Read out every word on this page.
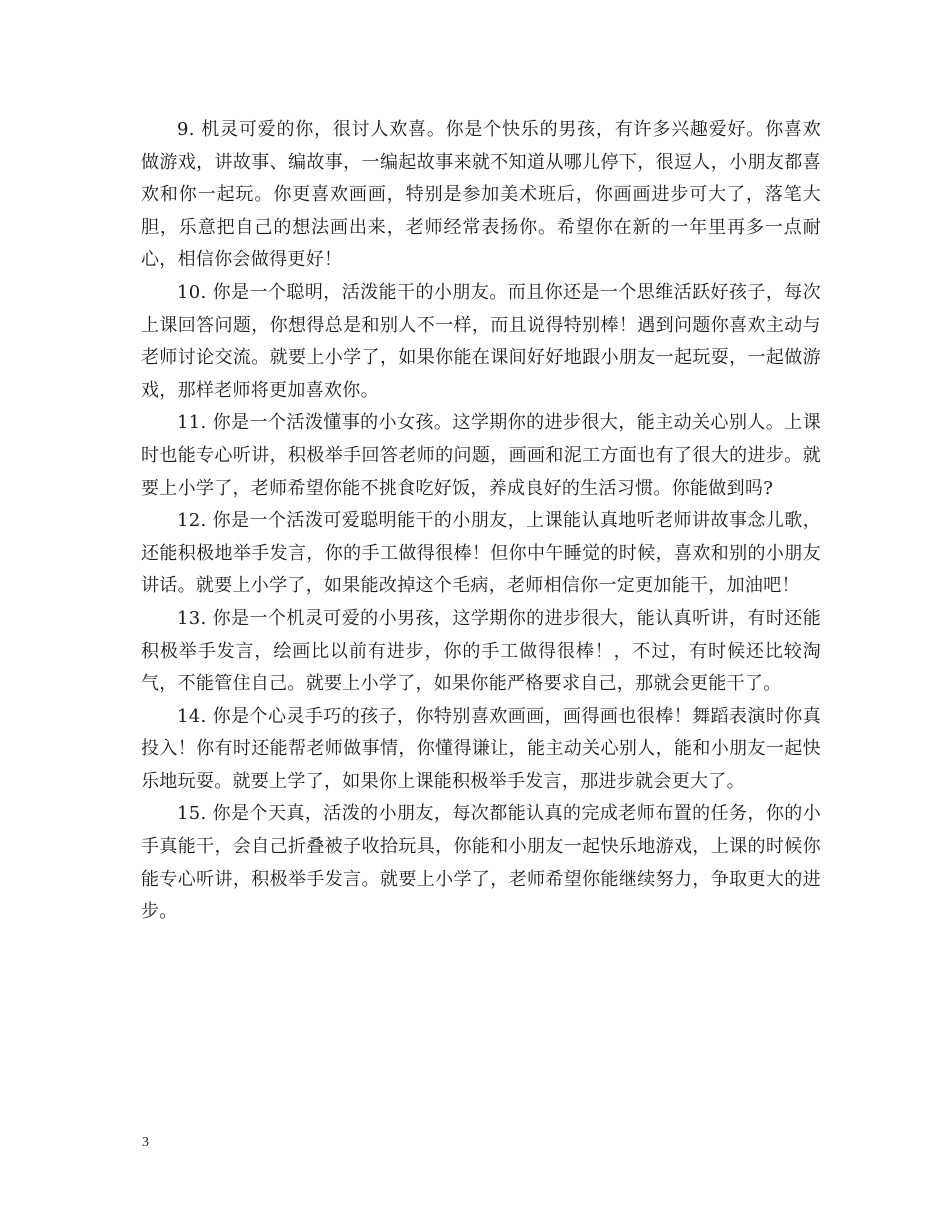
9. 机灵可爱的你，很讨人欢喜。你是个快乐的男孩，有许多兴趣爱好。你喜欢做游戏，讲故事、编故事，一编起故事来就不知道从哪儿停下，很逗人，小朋友都喜欢和你一起玩。你更喜欢画画，特别是参加美术班后，你画画进步可大了，落笔大胆，乐意把自己的想法画出来，老师经常表扬你。希望你在新的一年里再多一点耐心，相信你会做得更好！

10. 你是一个聪明，活泼能干的小朋友。而且你还是一个思维活跃好孩子，每次上课回答问题，你想得总是和别人不一样，而且说得特别棒！遇到问题你喜欢主动与老师讨论交流。就要上小学了，如果你能在课间好好地跟小朋友一起玩耍，一起做游戏，那样老师将更加喜欢你。

11. 你是一个活泼懂事的小女孩。这学期你的进步很大，能主动关心别人。上课时也能专心听讲，积极举手回答老师的问题，画画和泥工方面也有了很大的进步。就要上小学了，老师希望你能不挑食吃好饭，养成良好的生活习惯。你能做到吗?

12. 你是一个活泼可爱聪明能干的小朋友，上课能认真地听老师讲故事念儿歌，还能积极地举手发言，你的手工做得很棒！但你中午睡觉的时候，喜欢和别的小朋友讲话。就要上小学了，如果能改掉这个毛病，老师相信你一定更加能干，加油吧！

13. 你是一个机灵可爱的小男孩，这学期你的进步很大，能认真听讲，有时还能积极举手发言，绘画比以前有进步，你的手工做得很棒！，不过，有时候还比较淘气，不能管住自己。就要上小学了，如果你能严格要求自己，那就会更能干了。

14. 你是个心灵手巧的孩子，你特别喜欢画画，画得画也很棒！舞蹈表演时你真投入！你有时还能帮老师做事情，你懂得谦让，能主动关心别人，能和小朋友一起快乐地玩耍。就要上学了，如果你上课能积极举手发言，那进步就会更大了。

15. 你是个天真，活泼的小朋友，每次都能认真的完成老师布置的任务，你的小手真能干，会自己折叠被子收拾玩具，你能和小朋友一起快乐地游戏，上课的时候你能专心听讲，积极举手发言。就要上小学了，老师希望你能继续努力，争取更大的进步。

3
